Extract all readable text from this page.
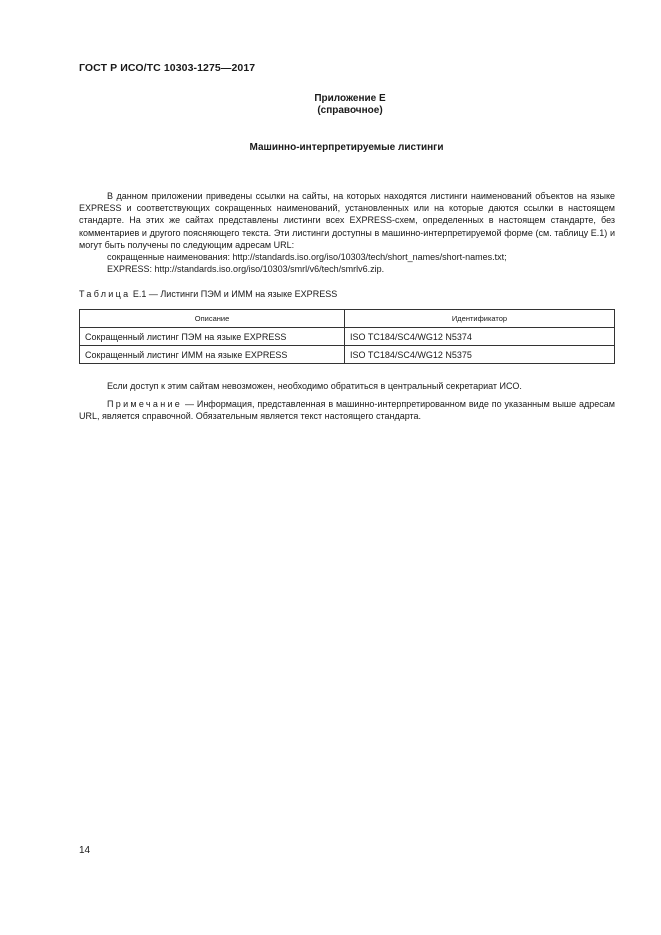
ГОСТ Р ИСО/ТС 10303-1275—2017
Приложение Е
(справочное)
Машинно-интерпретируемые листинги

В данном приложении приведены ссылки на сайты, на которых находятся листинги наименований объектов на языке EXPRESS и соответствующих сокращенных наименований, установленных или на которые даются ссылки в настоящем стандарте. На этих же сайтах представлены листинги всех EXPRESS-схем, определенных в настоящем стандарте, без комментариев и другого поясняющего текста. Эти листинги доступны в машинно-интерпретируемой форме (см. таблицу Е.1) и могут быть получены по следующим адресам URL:

сокращенные наименования: http://standards.iso.org/iso/10303/tech/short_names/short-names.txt;

EXPRESS: http://standards.iso.org/iso/10303/smrl/v6/tech/smrlv6.zip.

Таблица Е.1 — Листинги ПЭМ и ИММ на языке EXPRESS
Описание	Идентификатор
Сокращенный листинг ПЭМ на языке EXPRESS	ISO TC184/SC4/WG12 N5374
Сокращенный листинг ИММ на языке EXPRESS	ISO TC184/SC4/WG12 N5375
Если доступ к этим сайтам невозможен, необходимо обратиться в центральный секретариат ИСО.
Примечание — Информация, представленная в машинно-интерпретированном виде по указанным выше адресам URL, является справочной. Обязательным является текст настоящего стандарта.
14
